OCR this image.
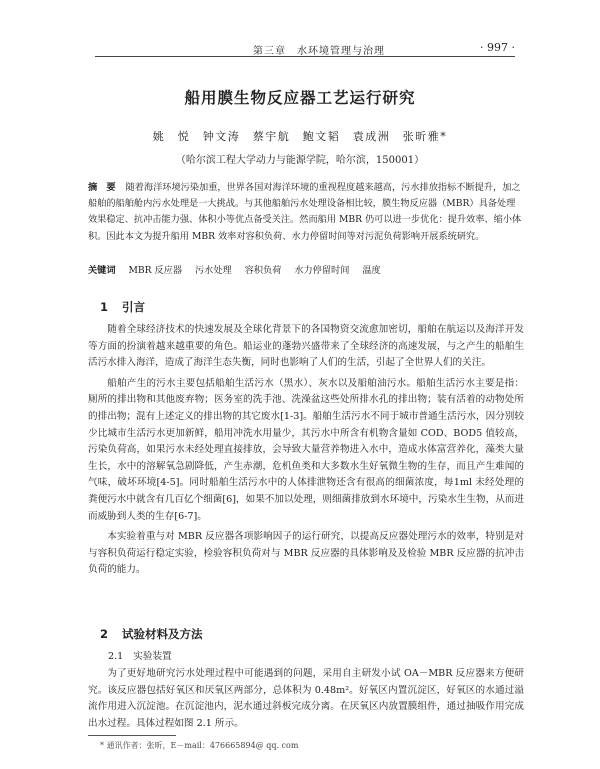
第三章　水环境管理与治理	· 997 ·
船用膜生物反应器工艺运行研究
姚　悦　钟文涛　蔡宇航　鲍文韬　袁成洲　张昕雅*
（哈尔滨工程大学动力与能源学院，哈尔滨，150001）
摘　要 随着海洋环境污染加重，世界各国对海洋环境的重视程度越来越高，污水排放指标不断提升，加之船舶的船舶舱内污水处理是一大挑战。与其他船舶污水处理设备相比较，膜生物反应器（MBR）具备处理效果稳定、抗冲击能力强、体积小等优点备受关注。然而船用 MBR 仍可以进一步优化：提升效率、缩小体积。因此本文为提升船用 MBR 效率对容积负荷、水力停留时间等对污泥负荷影响开展系统研究。
关键词 MBR 反应器 污水处理 容积负荷 水力停留时间 温度
1 引言

随着全球经济技术的快速发展及全球化背景下的各国物资交流愈加密切，船舶在航运以及海洋开发等方面的扮演着越来越重要的角色。船运业的蓬勃兴盛带来了全球经济的高速发展，与之产生的船舶生活污水排入海洋，造成了海洋生态失衡，同时也影响了人们的生活，引起了全世界人们的关注。

船舶产生的污水主要包括船舶生活污水（黑水）、灰水以及船舶油污水。船舶生活污水主要是指：厕所的排出物和其他废弃物；医务室的洗手池、洗澡盆这些处所排水孔的排出物；装有活着的动物处所的排出物；混有上述定义的排出物的其它废水[1-3]。船舶生活污水不同于城市普通生活污水，因分别较少比城市生活污水更加新鲜，船用冲洗水用量少，其污水中所含有机物含量如 COD、BOD5 值较高，污染负荷高，如果污水未经处理直接排放，会导致大量营养物进入水中，造成水体富营养化，藻类大量生长，水中的溶解氧急剧降低，产生赤潮，危机鱼类和大多数水生好氧微生物的生存，而且产生难闻的气味，破坏环境[4-5]。同时船舶生活污水中的人体排泄物还含有很高的细菌浓度，每1ml 未经处理的粪便污水中就含有几百亿个细菌[6]，如果不加以处理，则细菌排放到水环境中，污染水生生物，从而进而威胁到人类的生存[6-7]。

本实验着重与对 MBR 反应器各项影响因子的运行研究，以提高反应器处理污水的效率，特别是对与容积负荷运行稳定实验，检验容积负荷对与 MBR 反应器的具体影响及及检验 MBR 反应器的抗冲击负荷的能力。

2 试验材料及方法
2.1 实验装置

为了更好地研究污水处理过程中可能遇到的问题，采用自主研发小试 OA－MBR 反应器来方便研究。该反应器包括好氧区和厌氧区两部分，总体积为 0.48m²。好氧区内置沉淀区，好氧区的水通过溢流作用进入沉淀池。在沉淀池内，泥水通过斜板完成分离。在厌氧区内放置膜组件，通过抽吸作用完成出水过程。具体过程如图 2.1 所示。

* 通讯作者：张昕，E－mail：476665894@ qq. com
